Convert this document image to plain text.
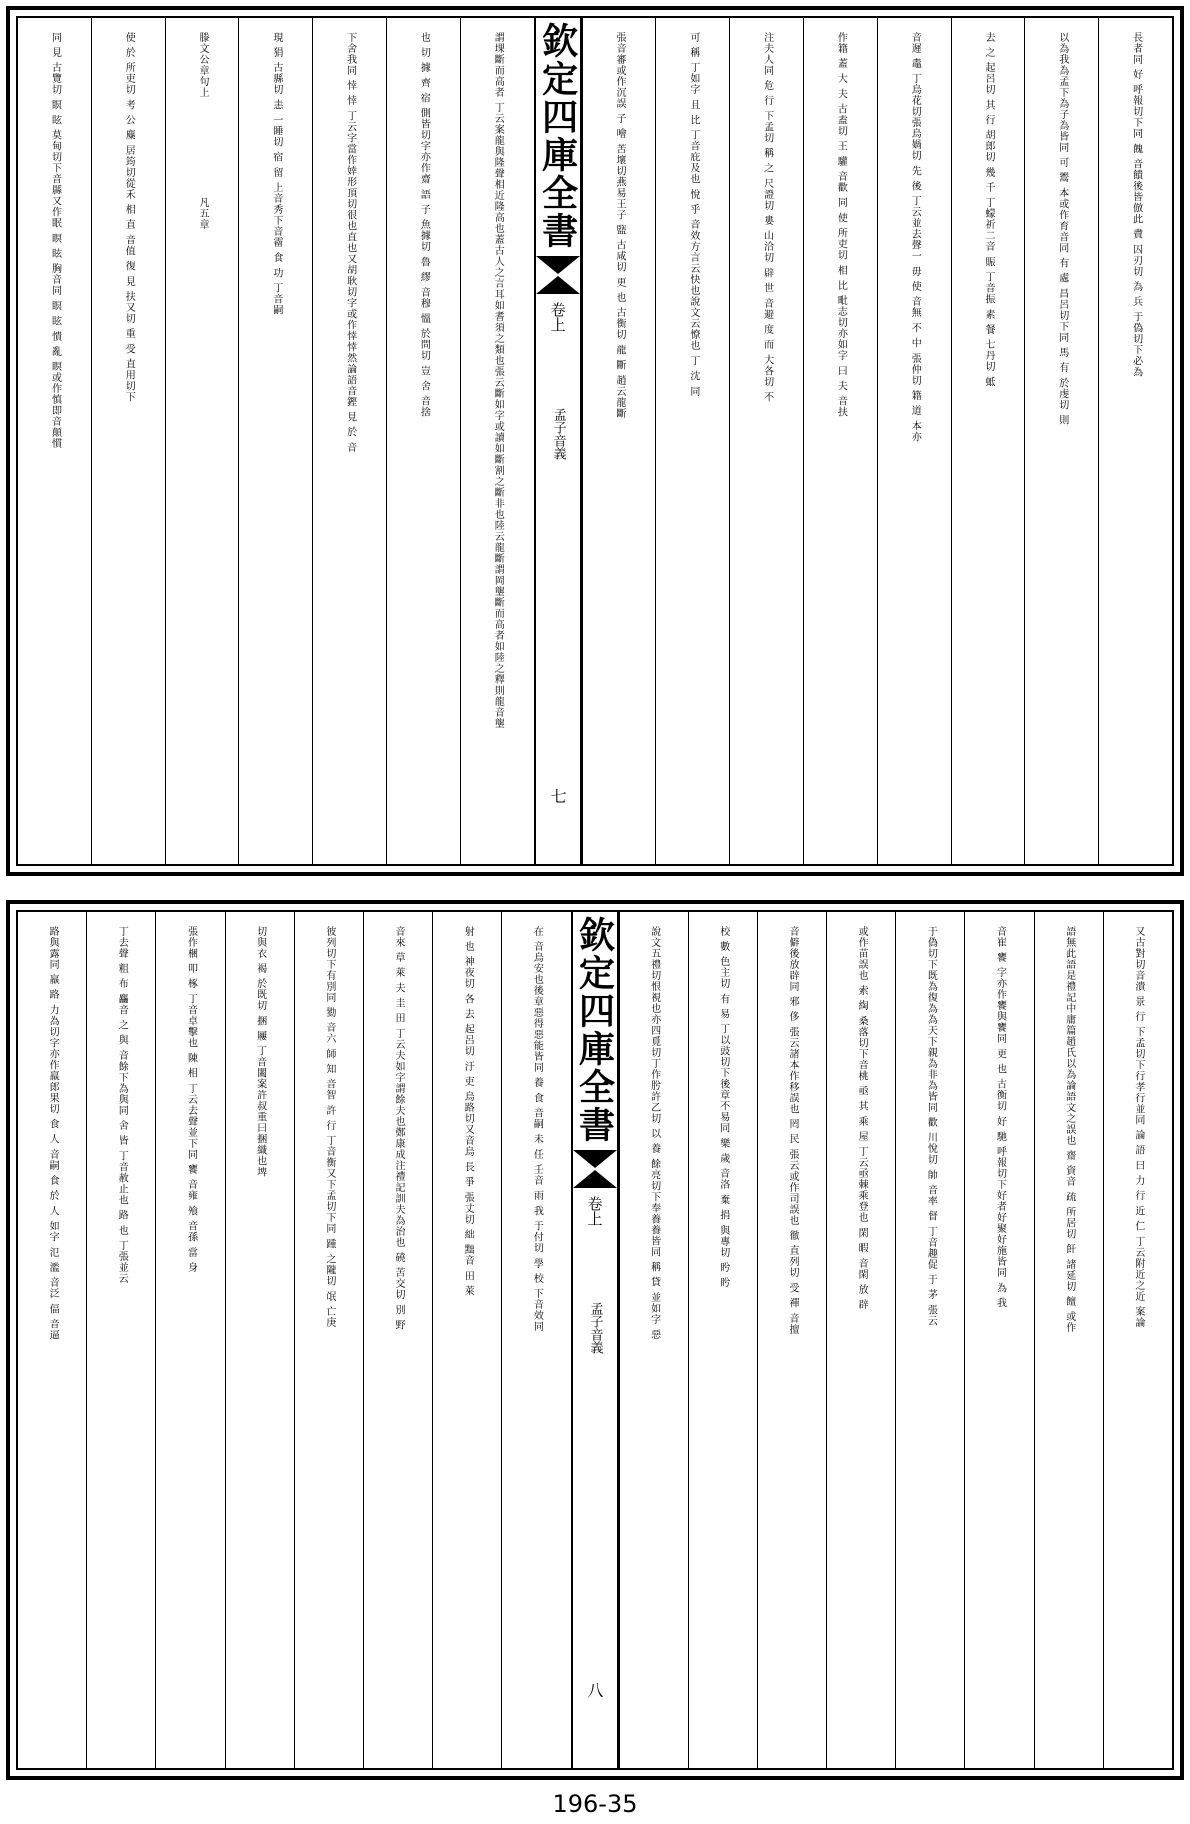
長者同 好 呼報切下同 餽 音饋後皆倣此 賮 囚刃切 為 兵 于偽切下必為
以為我為孟下為子為皆同 可 鬻 本或作育音同 有 處 昌呂切下同 馬 有 於虔切 則
去 之 起呂切 其 行 胡郎切 幾 千 丁蠓祈二音 賑 丁音振 素 餐 七丹切 蚳
音遲 鼃 丁烏花切張烏媧切 先 後 丁云並去聲一 毋 使 音無 不 中 張仲切 籍 道 本亦
作籍 蓋 大 夫 古盍切 王 驩 音歡 同 使 所吏切 相 比 毗志切亦如字 曰 夫 音扶
注夫人同 危 行 下孟切 稱 之 尺證切 婁 山洽切 辟 世 音避 度 而 大各切 不
可 稱 丁如字 且 比 丁音庇及也 悅 乎 音效方言云快也說文云憭也 丁 沈 同
張音審或作沉誤 子 噲 苦壞切燕易王子 盬 古咸切 更 也 古衡切 龍 斷 趙云龍斷
欽定四庫全書
卷上
孟子音義
七
謂堁斷而高者 丁云案龍與隆聲相近隆高也蓋古人之言耳如耆須之類也張云斷如字或讀如斷割之斷非也陸云龍斷謂岡壟斷而高者如陸之釋則龍音壟
也 切 據 齊 宿 側皆切字亦作齋 語 子 魚據切 魯 繆 音穆 慍 於問切 豈 舍 音捨
下舍我同 悻 悻 丁云字當作婞形頂切很也直也又胡耿切字或作悻悻然論語音鏗 見 於 音
現 狷 古縣切 恚 一睡切 宿 留 上音秀下音霤 食 功 丁音嗣
滕文公章句上　　　　　　　　　凡五章
使 於 所吏切 考 公 麋 居筠切從禾 相 直 音值 復 見 扶又切 重 受 直用切下
同 見 古覽切 瞑 眩 莫甸切下音縣又作眠 瞑 眩 胸音同 瞑 眩 憒 亂 瞑或作慎即音顛慣
又古對切音潰 景 行 下孟切下行孝行並同 論 語 曰 力 行 近 仁 丁云附近之近 案論
語無此語是禮記中庸篇趙氏以為論語文之誤也 齋 資音 疏 所居切 飦 諸延切 饘 或作
音崔 饔 字亦作饔與饔同 更 也 古衡切 好 馳 呼報切下好者好聚好施皆同 為 我
于偽切下既為復為為天下親為非為皆同 歡 川悅切 帥 音率 督 丁音趣促 于 茅 張云
或作苗誤也 索 綯 桑落切下音桃 亟 其 乘 屋 丁云亟棘乘登也 閑 暇 音閑 放 辟
音僻後放辟同 邪 侈 張云諸本作移誤也 罔 民 張云或作司誤也 徹 直列切 受 禪 音擅
校 數 色主切 有 易 丁以豉切下後章不易同 樂 歲 音洛 棄 捐 與專切 盻 盻
說文五禮切恨視也亦四覓切丁作肹許乙切 以 養 餘亮切下奉養養皆同 稱 貸 並如字 惡
欽定四庫全書
卷上
孟子音義
八
在 音烏安也後章惡得惡能皆同 養 食 音嗣 未 任 壬音 雨 我 于付切 學 校 下音效同
射 也 神夜切 各 去 起呂切 汙 吏 烏路切又音烏 長 爭 張丈切 絀 黜音 田 萊
音來 草 萊 夫 圭 田 丁云夫如字謂餘夫也鄭康成注禮記訓夫為治也 磽 苦交切 別 野
彼列切下有別同 勠 音六 師 知 音智 許 行 丁音衡又下孟切下同 踵 之隴切 氓 亡庚
切與衣 褐 於既切 捆 屨 丁音闔案許叔重曰捆織也埤
張作梱 叩 椓 丁音卓擊也 陳 相 丁云去聲並下同 饔 音雍 飧 音孫 當 身
丁去聲 粗 布 麤音 之 與 音餘下為與同 舍 皆 丁音赦止也 路 也 丁張並云
路與露同 羸 路 力為切字亦作羸郎果切 食 人 音嗣 食 於 人 如字 氾 濫 音泛 偪 音逼
196-35
